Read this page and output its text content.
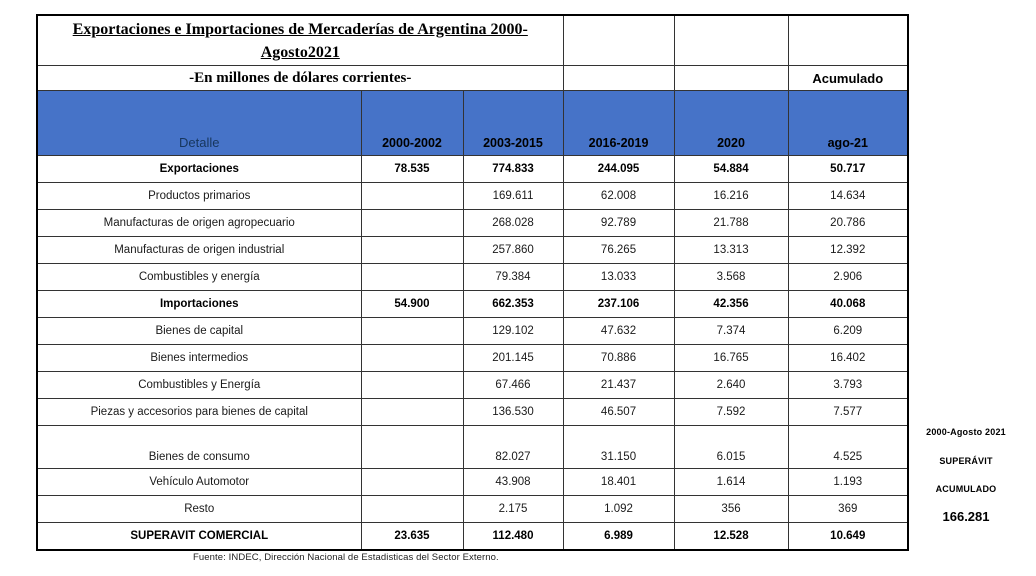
Exportaciones e Importaciones de Mercaderías de Argentina 2000-
Agosto2021					
-En millones de dólares corrientes-					Acumulado
Detalle	2000-2002	2003-2015	2016-2019	2020	ago-21
Exportaciones	78.535	774.833	244.095	54.884	50.717
Productos primarios		169.611	62.008	16.216	14.634
Manufacturas de origen agropecuario		268.028	92.789	21.788	20.786
Manufacturas de origen industrial		257.860	76.265	13.313	12.392
Combustibles y energía		79.384	13.033	3.568	2.906
Importaciones	54.900	662.353	237.106	42.356	40.068
Bienes de capital		129.102	47.632	7.374	6.209
Bienes intermedios		201.145	70.886	16.765	16.402
Combustibles y Energía		67.466	21.437	2.640	3.793
Piezas y accesorios para bienes de capital		136.530	46.507	7.592	7.577
Bienes de consumo		82.027	31.150	6.015	4.525
Vehículo Automotor		43.908	18.401	1.614	1.193
Resto		2.175	1.092	356	369
SUPERAVIT COMERCIAL	23.635	112.480	6.989	12.528	10.649
2000-Agosto 2021
SUPERÁVIT
ACUMULADO
166.281
Fuente: INDEC, Dirección Nacional de Estadisticas del Sector Externo.
